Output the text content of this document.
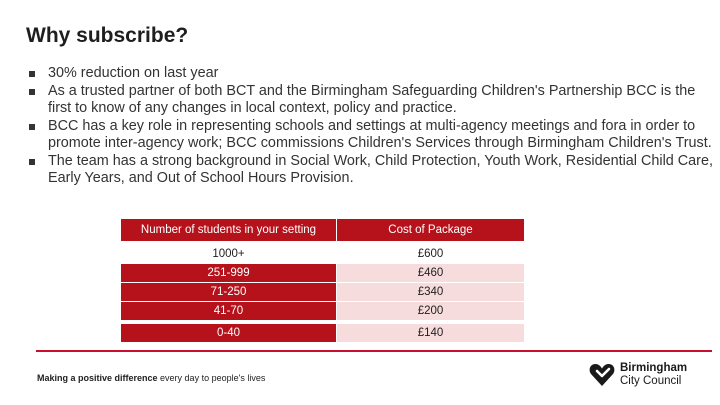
Why subscribe?
30% reduction on last year
As a trusted partner of both BCT and the Birmingham Safeguarding Children's Partnership BCC is the first to know of any changes in local context, policy and practice.
BCC has a key role in representing schools and settings at multi-agency meetings and fora in order to promote inter-agency work; BCC commissions Children's Services through Birmingham Children's Trust.
The team has a strong background in Social Work, Child Protection, Youth Work, Residential Child Care, Early Years, and Out of School Hours Provision.
Number of students in your setting	Cost of Package

1000+	£600
251-999	£460
71-250	£340
41-70	£200

0-40	£140
Making a positive difference every day to people's lives
Birmingham
City Council
